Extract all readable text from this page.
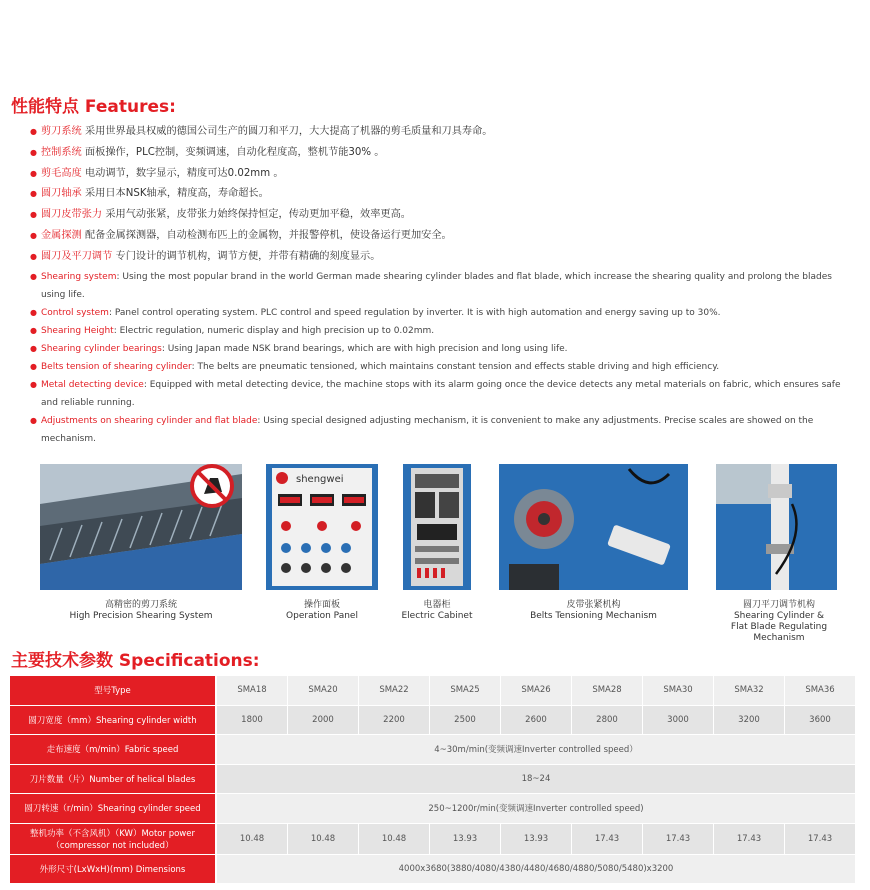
性能特点 Features:
● 剪刀系统 采用世界最具权威的德国公司生产的圆刀和平刀，大大提高了机器的剪毛质量和刀具寿命。
● 控制系统 面板操作，PLC控制，变频调速，自动化程度高，整机节能30% 。
● 剪毛高度 电动调节，数字显示，精度可达0.02mm 。
● 圆刀轴承 采用日本NSK轴承，精度高，寿命超长。
● 圆刀皮带张力 采用气动张紧，皮带张力始终保持恒定，传动更加平稳，效率更高。
● 金属探测 配备金属探测器，自动检测布匹上的金属物，并报警停机，使设备运行更加安全。
● 圆刀及平刀调节 专门设计的调节机构，调节方便，并带有精确的刻度显示。
● Shearing system: Using the most popular brand in the world German made shearing cylinder blades and flat blade, which increase the shearing quality and prolong the blades using life.
● Control system: Panel control operating system. PLC control and speed regulation by inverter. It is with high automation and energy saving up to 30%.
● Shearing Height: Electric regulation, numeric display and high precision up to 0.02mm.
● Shearing cylinder bearings: Using Japan made NSK brand bearings, which are with high precision and long using life.
● Belts tension of shearing cylinder: The belts are pneumatic tensioned, which maintains constant tension and effects stable driving and high efficiency.
● Metal detecting device: Equipped with metal detecting device, the machine stops with its alarm going once the device detects any metal materials on fabric, which ensures safe and reliable running.
● Adjustments on shearing cylinder and flat blade: Using special designed adjusting mechanism, it is convenient to make any adjustments. Precise scales are showed on the mechanism.
shengwei
高精密的剪刀系统
High Precision Shearing System
操作面板
Operation Panel
电器柜
Electric Cabinet
皮带张紧机构
Belts Tensioning Mechanism
圆刀平刀调节机构
Shearing Cylinder &
Flat Blade Regulating Mechanism
主要技术参数 Specifications:
型号Type	SMA18	SMA20	SMA22	SMA25	SMA26	SMA28	SMA30	SMA32	SMA36
圆刀宽度（mm）Shearing cylinder width	1800	2000	2200	2500	2600	2800	3000	3200	3600
走布速度（m/min）Fabric speed	4~30m/min(变频调速Inverter controlled speed）								
刀片数量（片）Number of helical blades	18~24								
圆刀转速（r/min）Shearing cylinder speed	250~1200r/min(变频调速Inverter controlled speed)								

整机功率（不含风机）（KW）Motor power
（compressor not included）	10.48	10.48	10.48	13.93	13.93	17.43	17.43	17.43	17.43
外形尺寸(LxWxH)(mm) Dimensions	4000x3680(3880/4080/4380/4480/4680/4880/5080/5480)x3200								
